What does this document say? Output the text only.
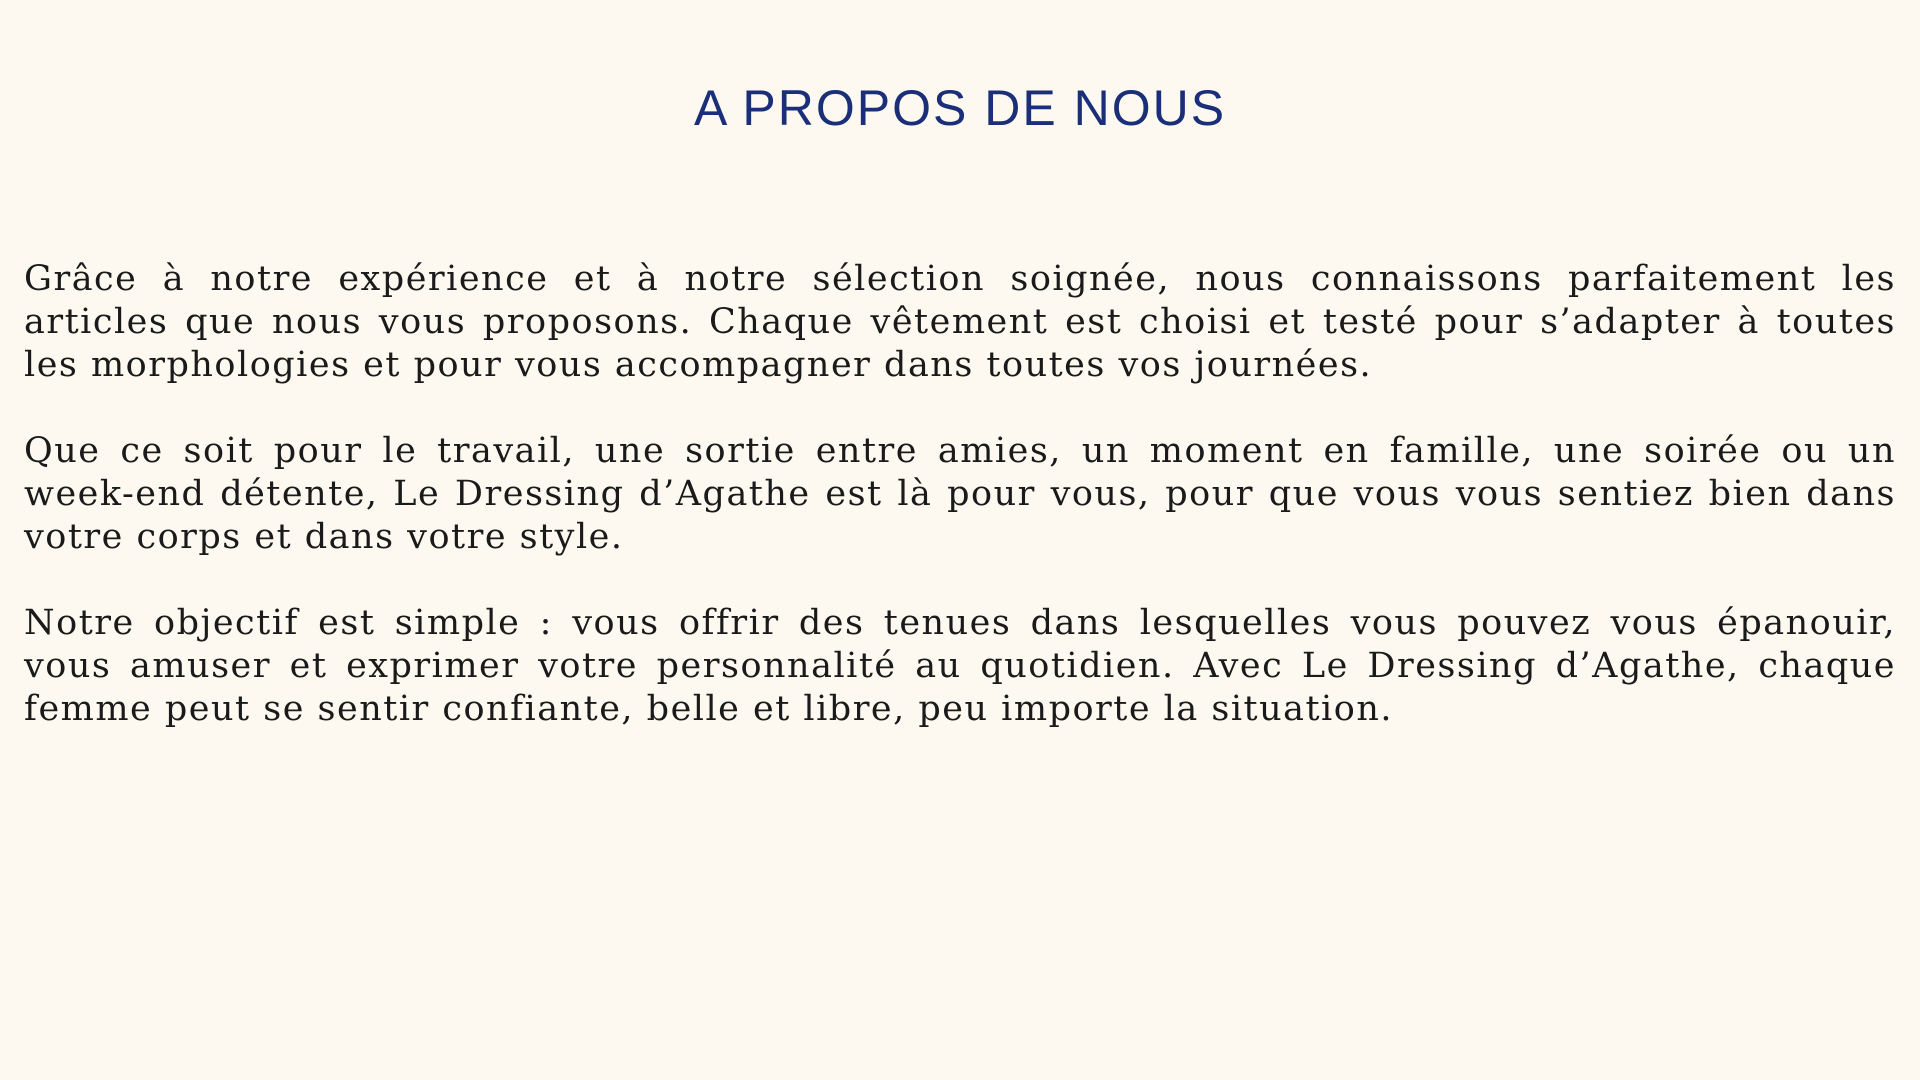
A PROPOS DE NOUS

Grâce à notre expérience et à notre sélection soignée, nous connaissons parfaitement les articles que nous vous proposons. Chaque vêtement est choisi et testé pour s’adapter à toutes les morphologies et pour vous accompagner dans toutes vos journées.

Que ce soit pour le travail, une sortie entre amies, un moment en famille, une soirée ou un week-end détente, Le Dressing d’Agathe est là pour vous, pour que vous vous sentiez bien dans votre corps et dans votre style.

Notre objectif est simple : vous offrir des tenues dans lesquelles vous pouvez vous épanouir, vous amuser et exprimer votre personnalité au quotidien. Avec Le Dressing d’Agathe, chaque femme peut se sentir confiante, belle et libre, peu importe la situation.
